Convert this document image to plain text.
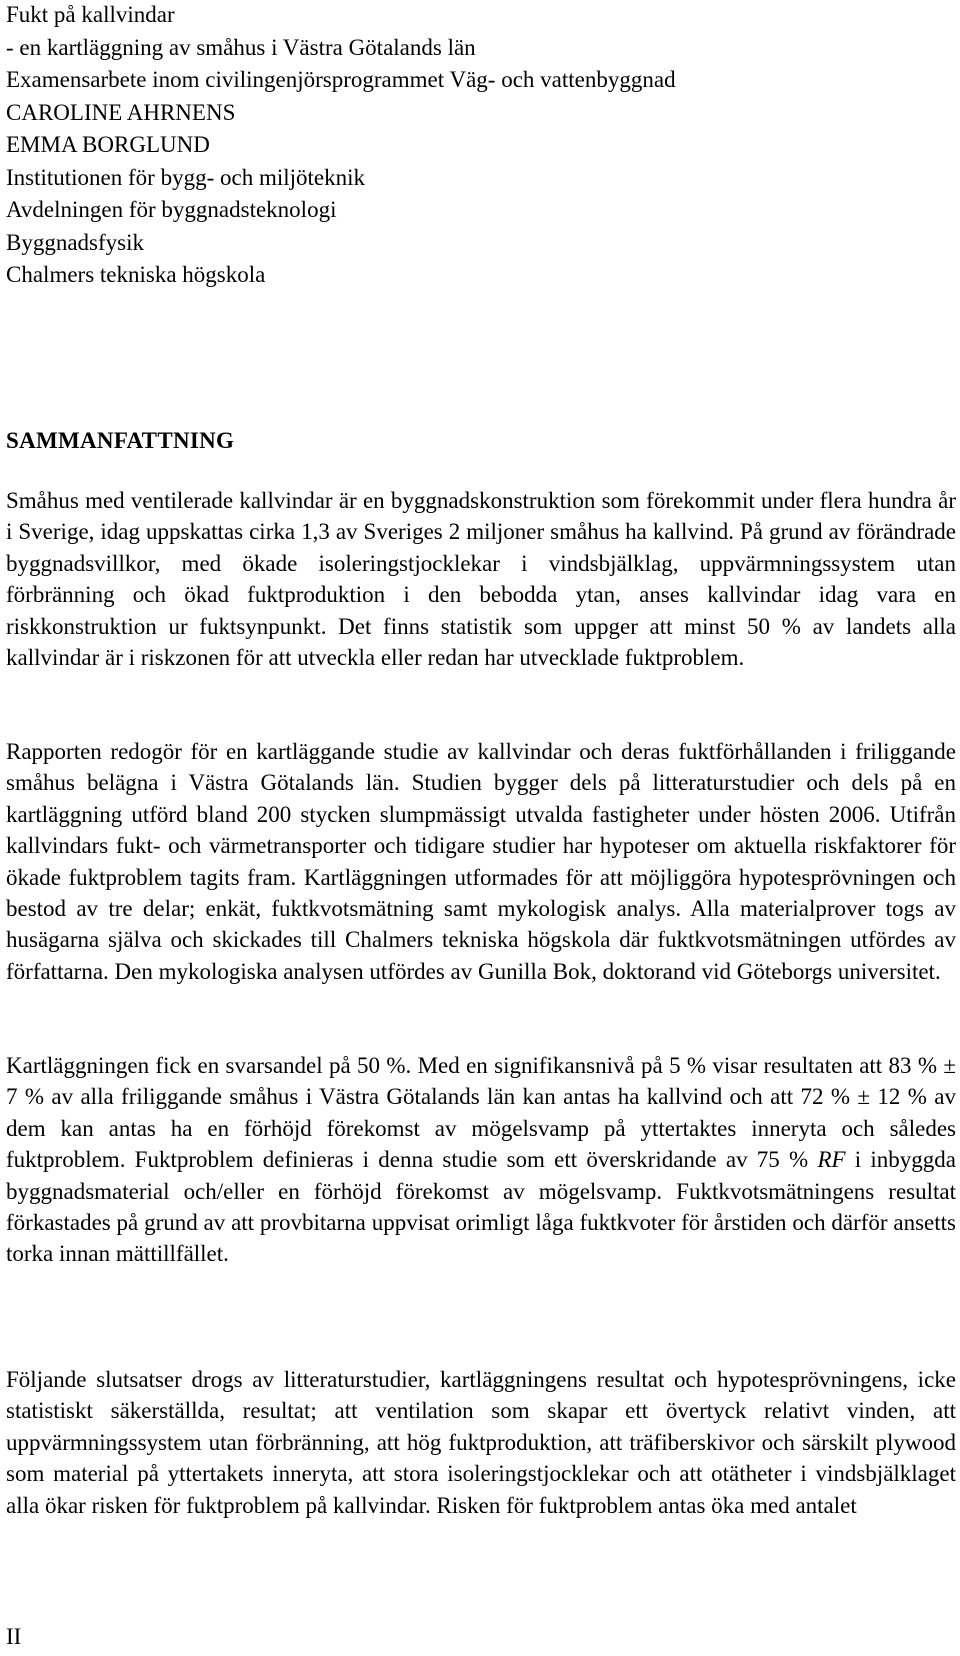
Fukt på kallvindar
- en kartläggning av småhus i Västra Götalands län
Examensarbete inom civilingenjörsprogrammet Väg- och vattenbyggnad
CAROLINE AHRNENS
EMMA BORGLUND
Institutionen för bygg- och miljöteknik
Avdelningen för byggnadsteknologi
Byggnadsfysik
Chalmers tekniska högskola
SAMMANFATTNING

Småhus med ventilerade kallvindar är en byggnadskonstruktion som förekommit under flera hundra år i Sverige, idag uppskattas cirka 1,3 av Sveriges 2 miljoner småhus ha kallvind. På grund av förändrade byggnadsvillkor, med ökade isoleringstjocklekar i vindsbjälklag, uppvärmningssystem utan förbränning och ökad fuktproduktion i den bebodda ytan, anses kallvindar idag vara en riskkonstruktion ur fuktsynpunkt. Det finns statistik som uppger att minst 50 % av landets alla kallvindar är i riskzonen för att utveckla eller redan har utvecklade fuktproblem.

Rapporten redogör för en kartläggande studie av kallvindar och deras fuktförhållanden i friliggande småhus belägna i Västra Götalands län. Studien bygger dels på litteraturstudier och dels på en kartläggning utförd bland 200 stycken slumpmässigt utvalda fastigheter under hösten 2006. Utifrån kallvindars fukt- och värmetransporter och tidigare studier har hypoteser om aktuella riskfaktorer för ökade fuktproblem tagits fram. Kartläggningen utformades för att möjliggöra hypotesprövningen och bestod av tre delar; enkät, fuktkvotsmätning samt mykologisk analys. Alla materialprover togs av husägarna själva och skickades till Chalmers tekniska högskola där fuktkvotsmätningen utfördes av författarna. Den mykologiska analysen utfördes av Gunilla Bok, doktorand vid Göteborgs universitet.

Kartläggningen fick en svarsandel på 50 %. Med en signifikansnivå på 5 % visar resultaten att 83 % ± 7 % av alla friliggande småhus i Västra Götalands län kan antas ha kallvind och att 72 % ± 12 % av dem kan antas ha en förhöjd förekomst av mögelsvamp på yttertaktes inneryta och således fuktproblem. Fuktproblem definieras i denna studie som ett överskridande av 75 % RF i inbyggda byggnadsmaterial och/eller en förhöjd förekomst av mögelsvamp. Fuktkvotsmätningens resultat förkastades på grund av att provbitarna uppvisat orimligt låga fuktkvoter för årstiden och därför ansetts torka innan mättillfället.

Följande slutsatser drogs av litteraturstudier, kartläggningens resultat och hypotesprövningens, icke statistiskt säkerställda, resultat; att ventilation som skapar ett övertyck relativt vinden, att uppvärmningssystem utan förbränning, att hög fuktproduktion, att träfiberskivor och särskilt plywood som material på yttertakets inneryta, att stora isoleringstjocklekar och att otätheter i vindsbjälklaget alla ökar risken för fuktproblem på kallvindar. Risken för fuktproblem antas öka med antalet

II
